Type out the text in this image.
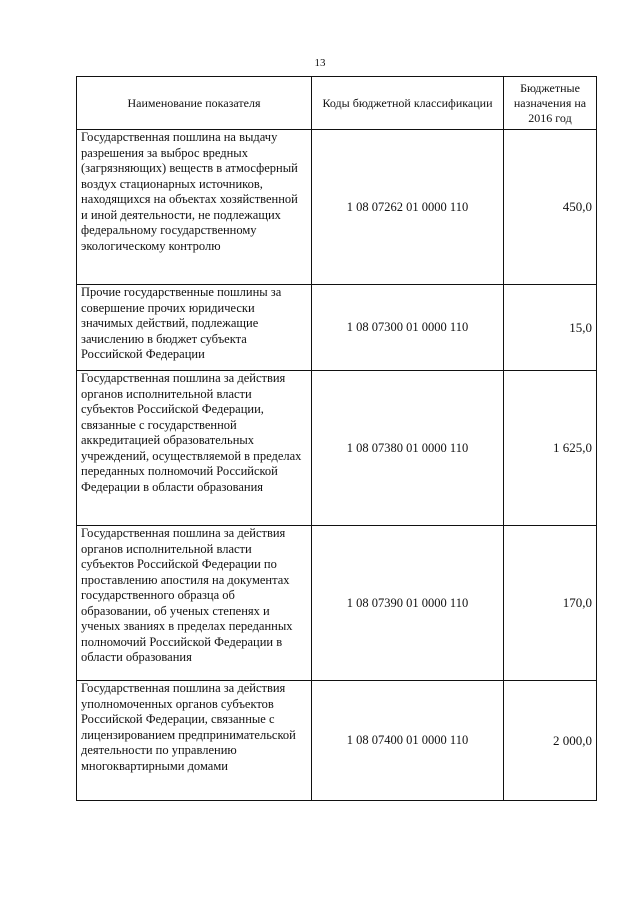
13
Наименование показателя	Коды бюджетной классификации	Бюджетные назначения на 2016 год
Государственная пошлина на выдачу разрешения за выброс вредных (загрязняющих) веществ в атмосферный воздух стационарных источников, находящихся на объектах хозяйственной и иной деятельности, не подлежащих федеральному государственному экологическому контролю	1 08 07262 01 0000 110	450,0
Прочие государственные пошлины за совершение прочих юридически значимых действий, подлежащие зачислению в бюджет субъекта Российской Федерации	1 08 07300 01 0000 110	15,0
Государственная пошлина за действия органов исполнительной власти субъектов Российской Федерации, связанные с государственной аккредитацией образовательных учреждений, осуществляемой в пределах переданных полномочий Российской Федерации в области образования	1 08 07380 01 0000 110	1 625,0
Государственная пошлина за действия органов исполнительной власти субъектов Российской Федерации по проставлению апостиля на документах государственного образца об образовании, об ученых степенях и ученых званиях в пределах переданных полномочий Российской Федерации в области образования	1 08 07390 01 0000 110	170,0
Государственная пошлина за действия уполномоченных органов субъектов Российской Федерации, связанные с лицензированием предпринимательской деятельности по управлению многоквартирными домами	1 08 07400 01 0000 110	2 000,0
